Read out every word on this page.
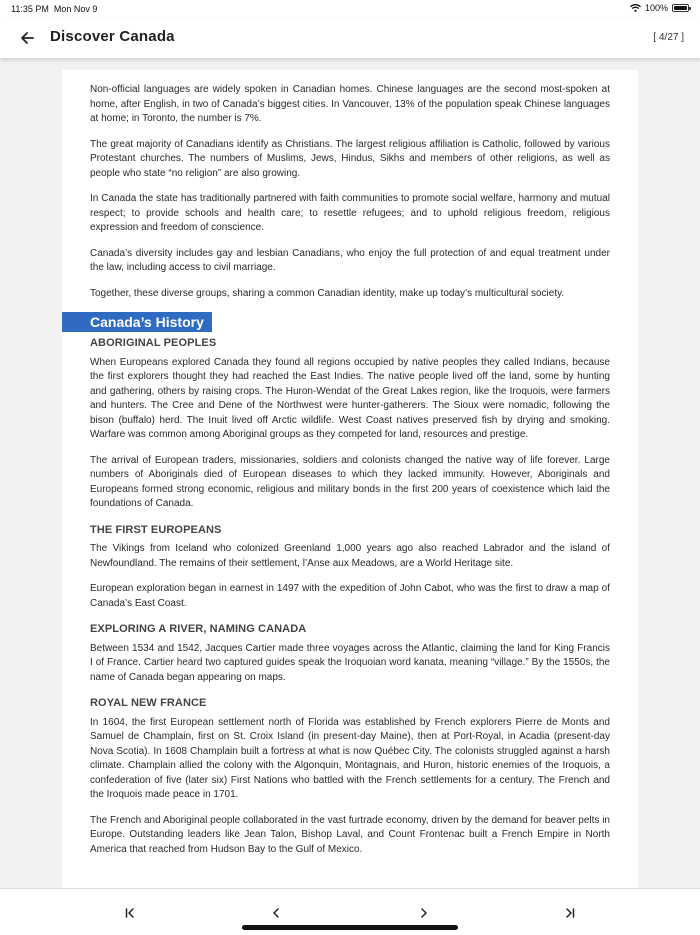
11:35 PM Mon Nov 9	100%
Discover Canada	[ 4/27 ]

Non-official languages are widely spoken in Canadian homes. Chinese languages are the second most-spoken at home, after English, in two of Canada’s biggest cities. In Vancouver, 13% of the population speak Chinese languages at home; in Toronto, the number is 7%.

The great majority of Canadians identify as Christians. The largest religious affiliation is Catholic, followed by various Protestant churches. The numbers of Muslims, Jews, Hindus, Sikhs and members of other religions, as well as people who state “no religion” are also growing.

In Canada the state has traditionally partnered with faith communities to promote social welfare, harmony and mutual respect; to provide schools and health care; to resettle refugees; and to uphold religious freedom, religious expression and freedom of conscience.

Canada’s diversity includes gay and lesbian Canadians, who enjoy the full protection of and equal treatment under the law, including access to civil marriage.

Together, these diverse groups, sharing a common Canadian identity, make up today’s multicultural society.

Canada’s History
ABORIGINAL PEOPLES

When Europeans explored Canada they found all regions occupied by native peoples they called Indians, because the first explorers thought they had reached the East Indies. The native people lived off the land, some by hunting and gathering, others by raising crops. The Huron-Wendat of the Great Lakes region, like the Iroquois, were farmers and hunters. The Cree and Dene of the Northwest were hunter-gatherers. The Sioux were nomadic, following the bison (buffalo) herd. The Inuit lived off Arctic wildlife. West Coast natives preserved fish by drying and smoking. Warfare was common among Aboriginal groups as they competed for land, resources and prestige.

The arrival of European traders, missionaries, soldiers and colonists changed the native way of life forever. Large numbers of Aboriginals died of European diseases to which they lacked immunity. However, Aboriginals and Europeans formed strong economic, religious and military bonds in the first 200 years of coexistence which laid the foundations of Canada.

THE FIRST EUROPEANS

The Vikings from Iceland who colonized Greenland 1,000 years ago also reached Labrador and the island of Newfoundland. The remains of their settlement, l’Anse aux Meadows, are a World Heritage site.

European exploration began in earnest in 1497 with the expedition of John Cabot, who was the first to draw a map of Canada’s East Coast.

EXPLORING A RIVER, NAMING CANADA

Between 1534 and 1542, Jacques Cartier made three voyages across the Atlantic, claiming the land for King Francis I of France. Cartier heard two captured guides speak the Iroquoian word kanata, meaning “village.” By the 1550s, the name of Canada began appearing on maps.

ROYAL NEW FRANCE

In 1604, the first European settlement north of Florida was established by French explorers Pierre de Monts and Samuel de Champlain, first on St. Croix Island (in present-day Maine), then at Port-Royal, in Acadia (present-day Nova Scotia). In 1608 Champlain built a fortress at what is now Québec City. The colonists struggled against a harsh climate. Champlain allied the colony with the Algonquin, Montagnais, and Huron, historic enemies of the Iroquois, a confederation of five (later six) First Nations who battled with the French settlements for a century. The French and the Iroquois made peace in 1701.

The French and Aboriginal people collaborated in the vast furtrade economy, driven by the demand for beaver pelts in Europe. Outstanding leaders like Jean Talon, Bishop Laval, and Count Frontenac built a French Empire in North America that reached from Hudson Bay to the Gulf of Mexico.
